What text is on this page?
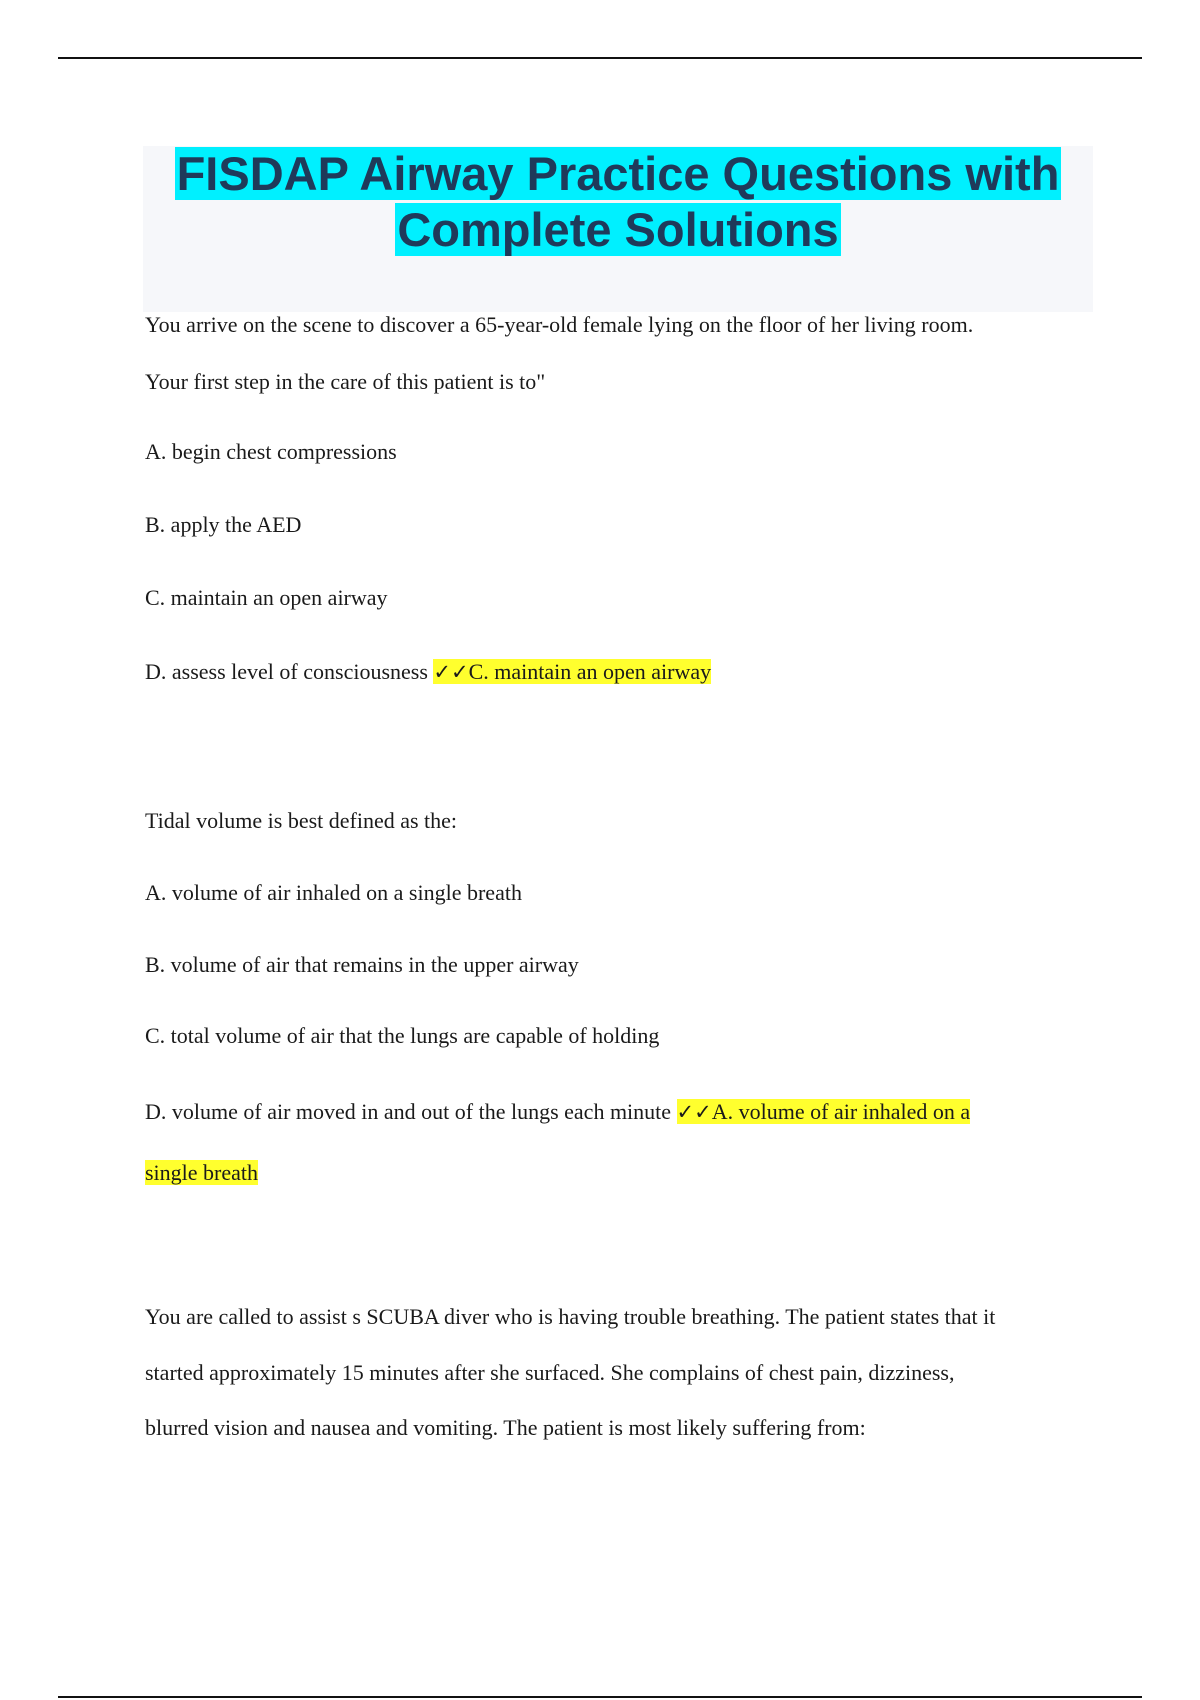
FISDAP Airway Practice Questions with
Complete Solutions

You arrive on the scene to discover a 65-year-old female lying on the floor of her living room.

Your first step in the care of this patient is to"

A. begin chest compressions

B. apply the AED

C. maintain an open airway

D. assess level of consciousness ✓✓C. maintain an open airway

Tidal volume is best defined as the:

A. volume of air inhaled on a single breath

B. volume of air that remains in the upper airway

C. total volume of air that the lungs are capable of holding

D. volume of air moved in and out of the lungs each minute ✓✓A. volume of air inhaled on a

single breath

You are called to assist s SCUBA diver who is having trouble breathing. The patient states that it

started approximately 15 minutes after she surfaced. She complains of chest pain, dizziness,

blurred vision and nausea and vomiting. The patient is most likely suffering from:
